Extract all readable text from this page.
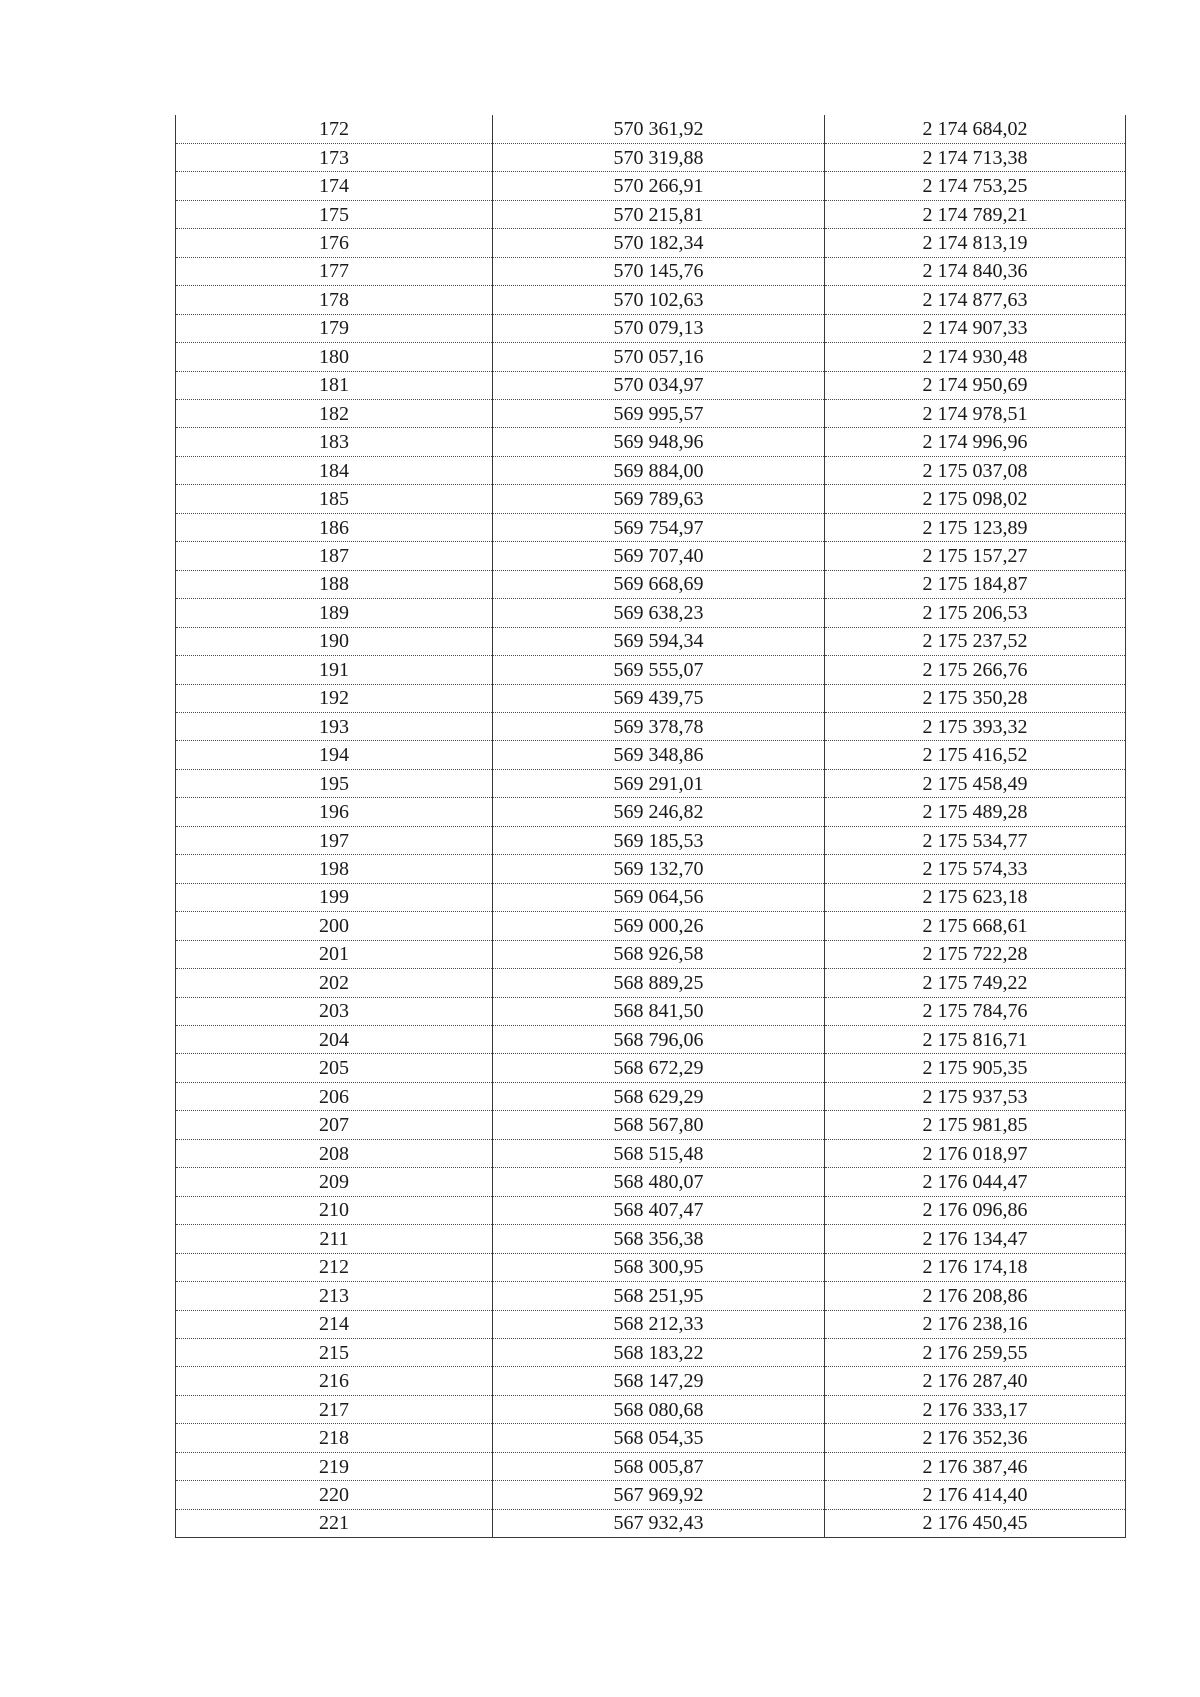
172	570 361,92	2 174 684,02
173	570 319,88	2 174 713,38
174	570 266,91	2 174 753,25
175	570 215,81	2 174 789,21
176	570 182,34	2 174 813,19
177	570 145,76	2 174 840,36
178	570 102,63	2 174 877,63
179	570 079,13	2 174 907,33
180	570 057,16	2 174 930,48
181	570 034,97	2 174 950,69
182	569 995,57	2 174 978,51
183	569 948,96	2 174 996,96
184	569 884,00	2 175 037,08
185	569 789,63	2 175 098,02
186	569 754,97	2 175 123,89
187	569 707,40	2 175 157,27
188	569 668,69	2 175 184,87
189	569 638,23	2 175 206,53
190	569 594,34	2 175 237,52
191	569 555,07	2 175 266,76
192	569 439,75	2 175 350,28
193	569 378,78	2 175 393,32
194	569 348,86	2 175 416,52
195	569 291,01	2 175 458,49
196	569 246,82	2 175 489,28
197	569 185,53	2 175 534,77
198	569 132,70	2 175 574,33
199	569 064,56	2 175 623,18
200	569 000,26	2 175 668,61
201	568 926,58	2 175 722,28
202	568 889,25	2 175 749,22
203	568 841,50	2 175 784,76
204	568 796,06	2 175 816,71
205	568 672,29	2 175 905,35
206	568 629,29	2 175 937,53
207	568 567,80	2 175 981,85
208	568 515,48	2 176 018,97
209	568 480,07	2 176 044,47
210	568 407,47	2 176 096,86
211	568 356,38	2 176 134,47
212	568 300,95	2 176 174,18
213	568 251,95	2 176 208,86
214	568 212,33	2 176 238,16
215	568 183,22	2 176 259,55
216	568 147,29	2 176 287,40
217	568 080,68	2 176 333,17
218	568 054,35	2 176 352,36
219	568 005,87	2 176 387,46
220	567 969,92	2 176 414,40
221	567 932,43	2 176 450,45
